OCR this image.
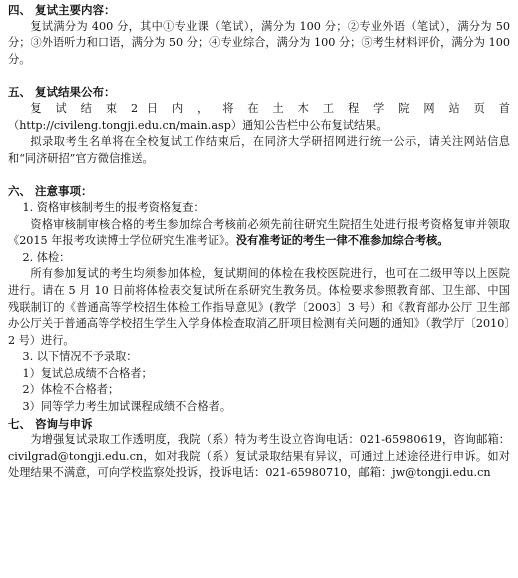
四、 复试主要内容：

复试满分为 400 分，其中①专业课（笔试），满分为 100 分；②专业外语（笔试），满分为 50 分；③外语听力和口语，满分为 50 分；④专业综合，满分为 100 分；⑤考生材料评价，满分为 100 分。

五、 复试结果公布：

复 试 结 束 2 日 内 ， 将 在 土 木 工 程 学 院 网 站 页 首

（http://civileng.tongji.edu.cn/main.asp）通知公告栏中公布复试结果。

拟录取考生名单将在全校复试工作结束后，在同济大学研招网进行统一公示，请关注网站信息和“同济研招”官方微信推送。

六、 注意事项：

1. 资格审核制考生的报考资格复查：

资格审核制审核合格的考生参加综合考核前必须先前往研究生院招生处进行报考资格复审并领取《2015 年报考攻读博士学位研究生准考证》。没有准考证的考生一律不准参加综合考核。

2. 体检：

所有参加复试的考生均须参加体检，复试期间的体检在我校医院进行，也可在二级甲等以上医院进行。请在 5 月 10 日前将体检表交复试所在系研究生教务员。体检要求参照教育部、卫生部、中国残联制订的《普通高等学校招生体检工作指导意见》(教学〔2003〕3 号）和《教育部办公厅 卫生部办公厅关于普通高等学校招生学生入学身体检查取消乙肝项目检测有关问题的通知》（教学厅〔2010〕2 号）进行。

3. 以下情况不予录取：

1）复试总成绩不合格者；

2）体检不合格者；

3）同等学力考生加试课程成绩不合格者。

七、 咨询与申诉

为增强复试录取工作透明度，我院（系）特为考生设立咨询电话：021-65980619，咨询邮箱：civilgrad@tongji.edu.cn，如对我院（系）复试录取结果有异议，可通过上述途径进行申诉。如对处理结果不满意，可向学校监察处投诉，投诉电话：021-65980710，邮箱：jw@tongji.edu.cn
